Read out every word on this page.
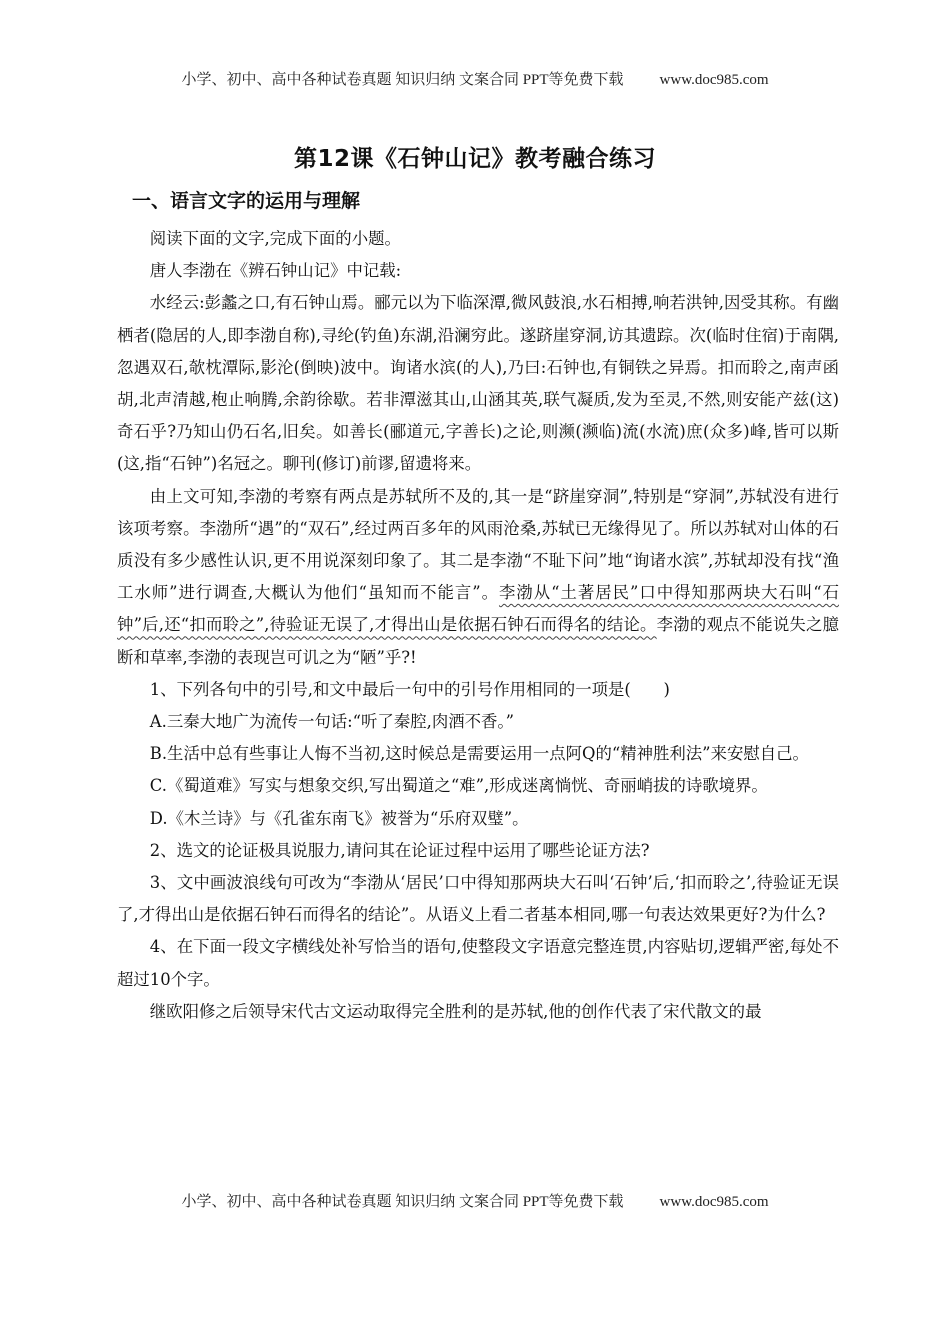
小学、初中、高中各种试卷真题 知识归纳 文案合同 PPT等免费下载 www.doc985.com
第12课《石钟山记》教考融合练习
一、语言文字的运用与理解

阅读下面的文字,完成下面的小题。

唐人李渤在《辨石钟山记》中记载:

水经云:彭蠡之口,有石钟山焉。郦元以为下临深潭,微风鼓浪,水石相搏,响若洪钟,因受其称。有幽栖者(隐居的人,即李渤自称),寻纶(钓鱼)东湖,沿澜穷此。遂跻崖穿洞,访其遗踪。次(临时住宿)于南隅,忽遇双石,欹枕潭际,影沦(倒映)波中。询诸水滨(的人),乃曰:石钟也,有铜铁之异焉。扣而聆之,南声函胡,北声清越,枹止响腾,余韵徐歇。若非潭滋其山,山涵其英,联气凝质,发为至灵,不然,则安能产兹(这)奇石乎?乃知山仍石名,旧矣。如善长(郦道元,字善长)之论,则濒(濒临)流(水流)庶(众多)峰,皆可以斯(这,指“石钟”)名冠之。聊刊(修订)前谬,留遗将来。

由上文可知,李渤的考察有两点是苏轼所不及的,其一是“跻崖穿洞”,特别是“穿洞”,苏轼没有进行该项考察。李渤所“遇”的“双石”,经过两百多年的风雨沧桑,苏轼已无缘得见了。所以苏轼对山体的石质没有多少感性认识,更不用说深刻印象了。其二是李渤“不耻下问”地“询诸水滨”,苏轼却没有找“渔工水师”进行调查,大概认为他们“虽知而不能言”。李渤从“土著居民”口中得知那两块大石叫“石钟”后,还“扣而聆之”,待验证无误了,才得出山是依据石钟石而得名的结论。李渤的观点不能说失之臆断和草率,李渤的表现岂可讥之为“陋”乎?!

1、下列各句中的引号,和文中最后一句中的引号作用相同的一项是(　　)

A.三秦大地广为流传一句话:“听了秦腔,肉酒不香。”

B.生活中总有些事让人悔不当初,这时候总是需要运用一点阿Q的“精神胜利法”来安慰自己。

C.《蜀道难》写实与想象交织,写出蜀道之“难”,形成迷离惝恍、奇丽峭拔的诗歌境界。

D.《木兰诗》与《孔雀东南飞》被誉为“乐府双璧”。

2、选文的论证极具说服力,请问其在论证过程中运用了哪些论证方法?

3、文中画波浪线句可改为“李渤从‘居民’口中得知那两块大石叫‘石钟’后,‘扣而聆之’,待验证无误了,才得出山是依据石钟石而得名的结论”。从语义上看二者基本相同,哪一句表达效果更好?为什么?

4、在下面一段文字横线处补写恰当的语句,使整段文字语意完整连贯,内容贴切,逻辑严密,每处不超过10个字。

继欧阳修之后领导宋代古文运动取得完全胜利的是苏轼,他的创作代表了宋代散文的最

小学、初中、高中各种试卷真题 知识归纳 文案合同 PPT等免费下载 www.doc985.com
